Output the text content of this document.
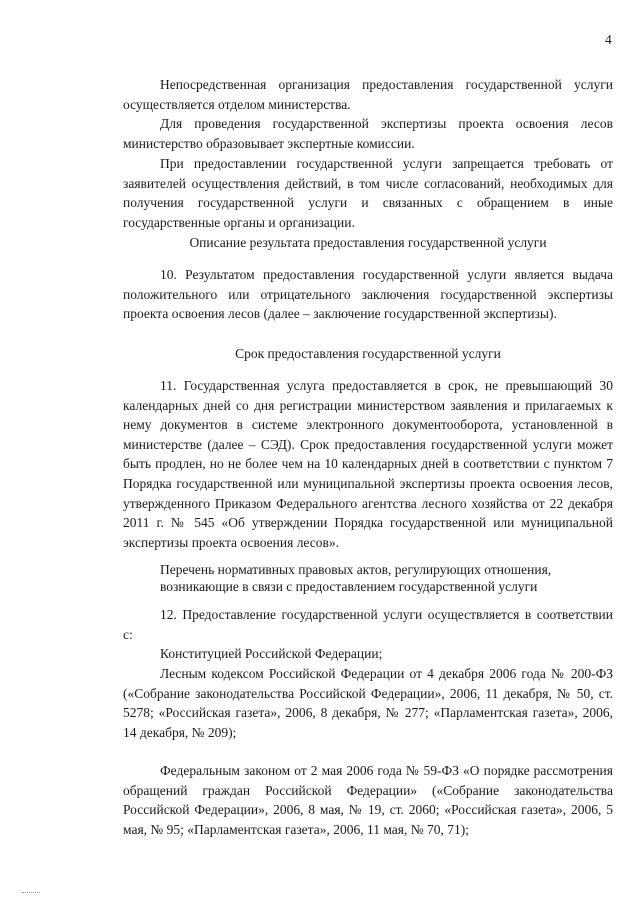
4

Непосредственная организация предоставления государственной услуги осуществляется отделом министерства.

Для проведения государственной экспертизы проекта освоения лесов министерство образовывает экспертные комиссии.

При предоставлении государственной услуги запрещается требовать от заявителей осуществления действий, в том числе согласований, необходимых для получения государственной услуги и связанных с обращением в иные государственные органы и организации.

Описание результата предоставления государственной услуги

10. Результатом предоставления государственной услуги является выдача положительного или отрицательного заключения государственной экспертизы проекта освоения лесов (далее – заключение государственной экспертизы).

Срок предоставления государственной услуги

11. Государственная услуга предоставляется в срок, не превышающий 30 календарных дней со дня регистрации министерством заявления и прилагаемых к нему документов в системе электронного документооборота, установленной в министерстве (далее – СЭД). Срок предоставления государственной услуги может быть продлен, но не более чем на 10 календарных дней в соответствии с пунктом 7 Порядка государственной или муниципальной экспертизы проекта освоения лесов, утвержденного Приказом Федерального агентства лесного хозяйства от 22 декабря 2011 г. № 545 «Об утверждении Порядка государственной или муниципальной экспертизы проекта освоения лесов».

Перечень нормативных правовых актов, регулирующих отношения,

возникающие в связи с предоставлением государственной услуги

12. Предоставление государственной услуги осуществляется в соответствии с:

Конституцией Российской Федерации;

Лесным кодексом Российской Федерации от 4 декабря 2006 года № 200-ФЗ («Собрание законодательства Российской Федерации», 2006, 11 декабря, № 50, ст. 5278; «Российская газета», 2006, 8 декабря, № 277; «Парламентская газета», 2006, 14 декабря, № 209);

Федеральным законом от 2 мая 2006 года № 59-ФЗ «О порядке рассмотрения обращений граждан Российской Федерации» («Собрание законодательства Российской Федерации», 2006, 8 мая, № 19, ст. 2060; «Российская газета», 2006, 5 мая, № 95; «Парламентская газета», 2006, 11 мая, № 70, 71);
